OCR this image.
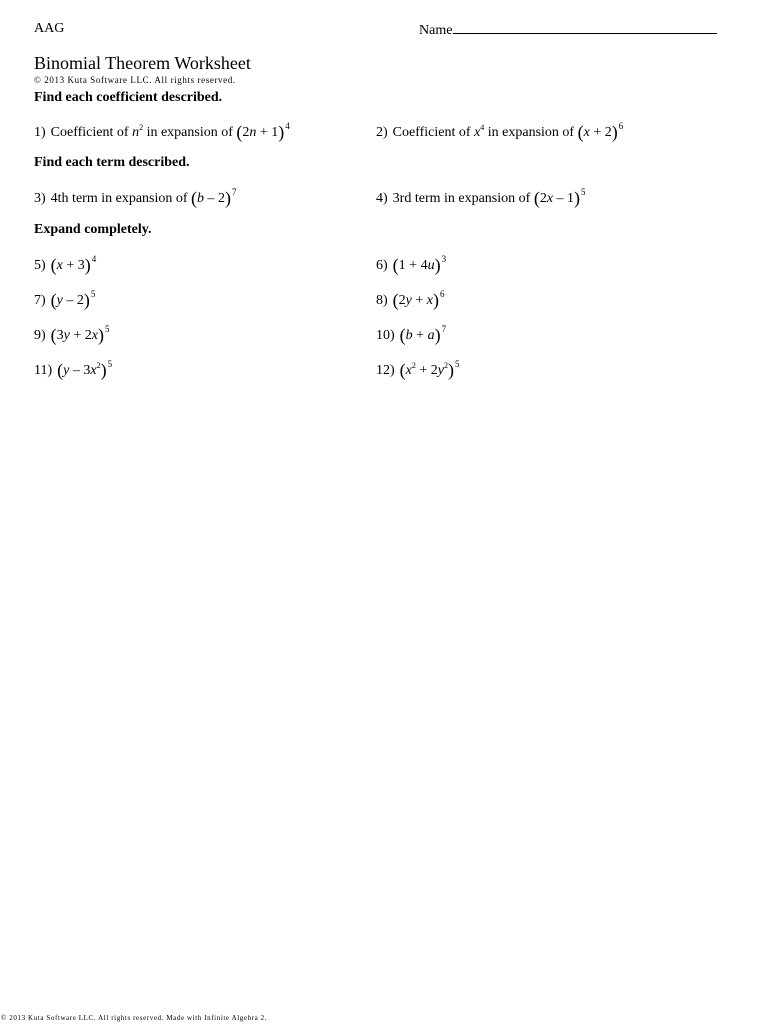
AAG	Name
Binomial Theorem Worksheet
© 2013 Kuta Software LLC. All rights reserved.
Find each coefficient described.
1) Coefficient of $n^2$ in expansion of $(2n + 1)^4$	2) Coefficient of $x^4$ in expansion of $(x + 2)^6$
Find each term described.
3) 4th term in expansion of (b – 2)$^7$	4) 3rd term in expansion of (2x – 1)$^5$
Expand completely.
5) $(x + 3)^4$	6) $(1 + 4u)^3$
7) (y – 2)$^5$	8) $(2y + x)^6$
9) $(3y + 2x)^5$	10) $(b + a)^7$
11) $(y - 3x^2)^5$	12) $(x^2 + 2y^2)^5$
© 2013 Kuta Software LLC. All rights reserved. Made with Infinite Algebra 2.
